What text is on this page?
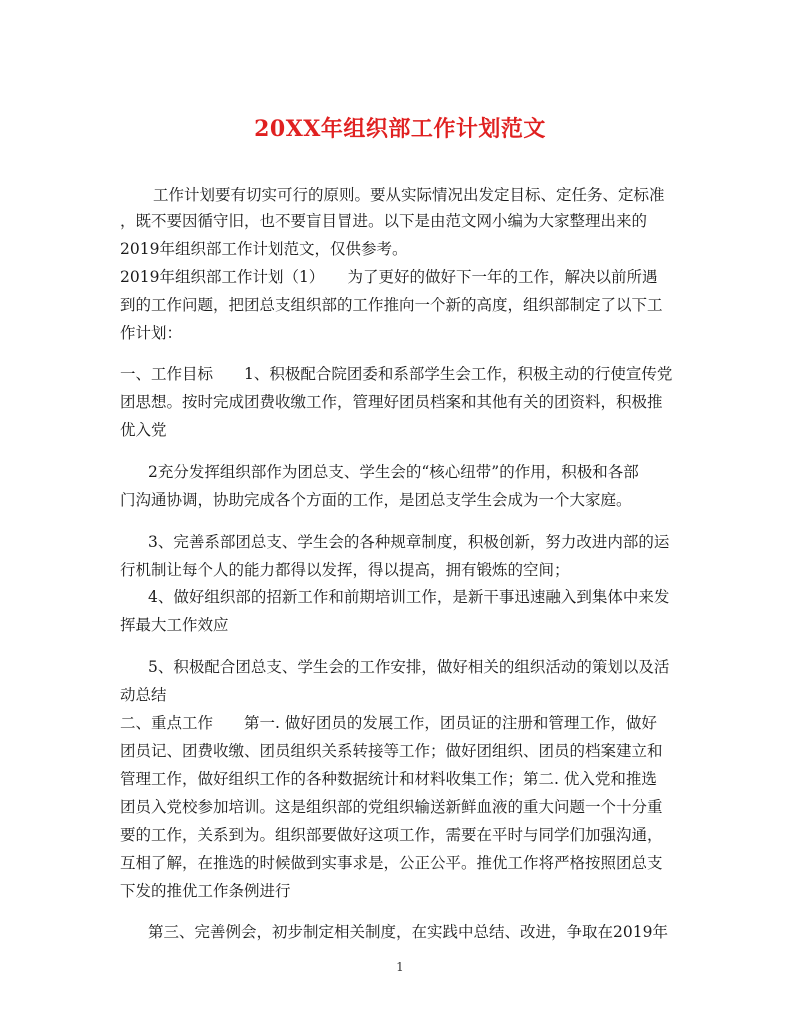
20XX年组织部工作计划范文
工作计划要有切实可行的原则。要从实际情况出发定目标、定任务、定标准
，既不要因循守旧，也不要盲目冒进。以下是由范文网小编为大家整理出来的
2019年组织部工作计划范文，仅供参考。
2019年组织部工作计划（1）　　为了更好的做好下一年的工作，解决以前所遇
到的工作问题，把团总支组织部的工作推向一个新的高度，组织部制定了以下工
作计划：
一、工作目标　　1、积极配合院团委和系部学生会工作，积极主动的行使宣传党
团思想。按时完成团费收缴工作，管理好团员档案和其他有关的团资料，积极推
优入党
2充分发挥组织部作为团总支、学生会的“核心纽带”的作用，积极和各部
门沟通协调，协助完成各个方面的工作，是团总支学生会成为一个大家庭。
3、完善系部团总支、学生会的各种规章制度，积极创新，努力改进内部的运
行机制让每个人的能力都得以发挥，得以提高，拥有锻炼的空间；
4、做好组织部的招新工作和前期培训工作，是新干事迅速融入到集体中来发
挥最大工作效应
5、积极配合团总支、学生会的工作安排，做好相关的组织活动的策划以及活
动总结
二、重点工作　　第一. 做好团员的发展工作，团员证的注册和管理工作，做好
团员记、团费收缴、团员组织关系转接等工作；做好团组织、团员的档案建立和
管理工作，做好组织工作的各种数据统计和材料收集工作；第二. 优入党和推选
团员入党校参加培训。这是组织部的党组织输送新鲜血液的重大问题一个十分重
要的工作，关系到为。组织部要做好这项工作，需要在平时与同学们加强沟通，
互相了解，在推选的时候做到实事求是，公正公平。推优工作将严格按照团总支
下发的推优工作条例进行
第三、完善例会，初步制定相关制度，在实践中总结、改进，争取在2019年
1
